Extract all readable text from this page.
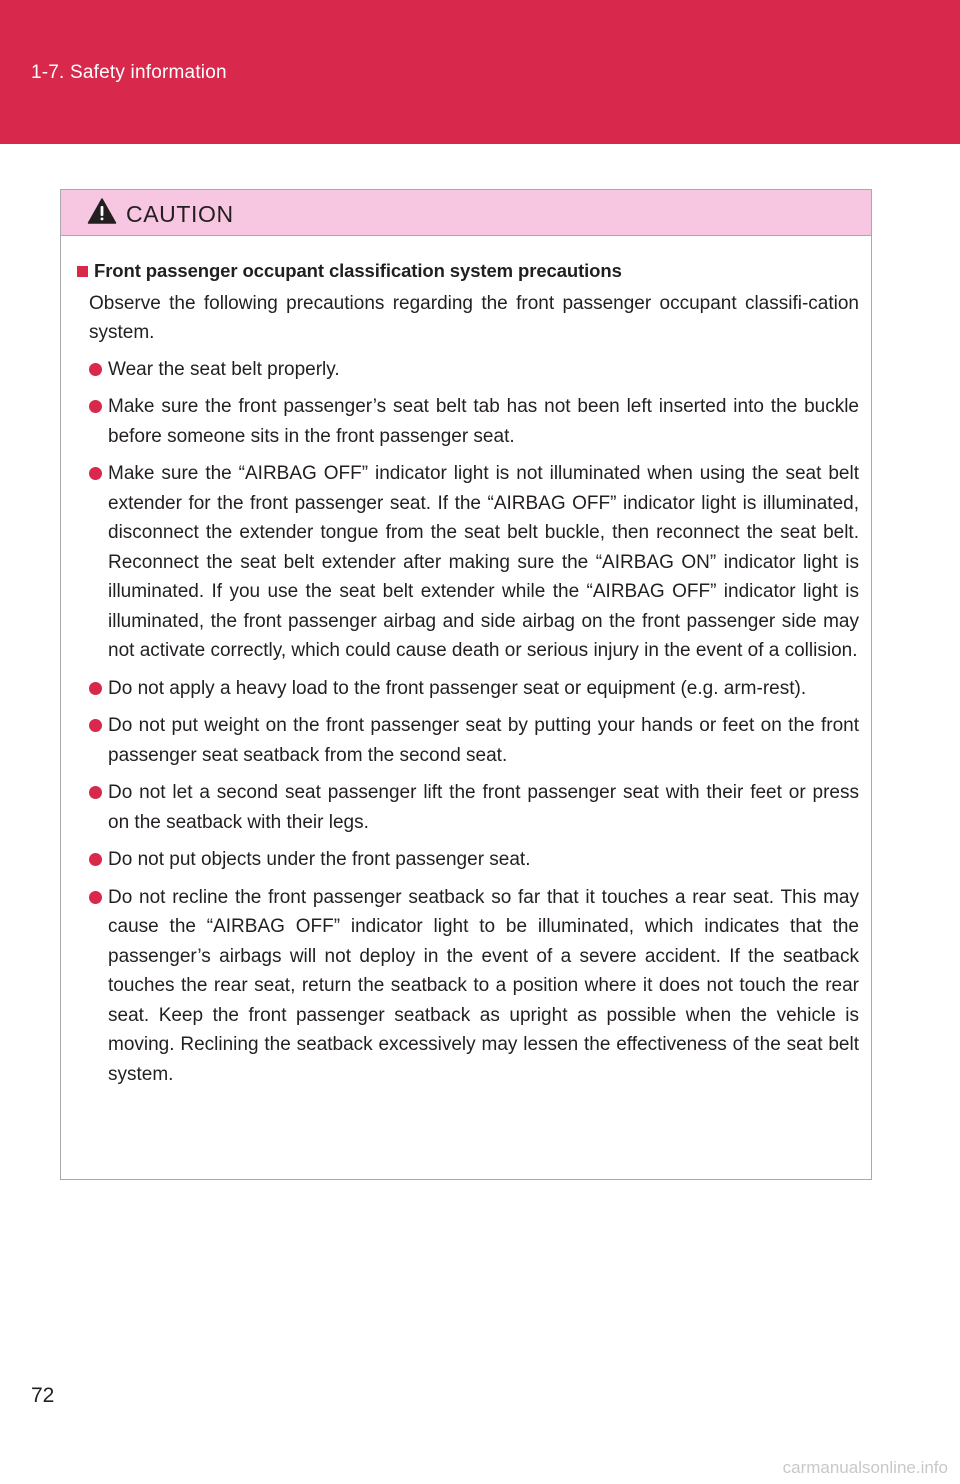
1-7. Safety information
CAUTION
Front passenger occupant classification system precautions

Observe the following precautions regarding the front passenger occupant classifi-cation system.

Wear the seat belt properly.
Make sure the front passenger’s seat belt tab has not been left inserted into the buckle before someone sits in the front passenger seat.
Make sure the “AIRBAG OFF” indicator light is not illuminated when using the seat belt extender for the front passenger seat. If the “AIRBAG OFF” indicator light is illuminated, disconnect the extender tongue from the seat belt buckle, then reconnect the seat belt. Reconnect the seat belt extender after making sure the “AIRBAG ON” indicator light is illuminated. If you use the seat belt extender while the “AIRBAG OFF” indicator light is illuminated, the front passenger airbag and side airbag on the front passenger side may not activate correctly, which could cause death or serious injury in the event of a collision.
Do not apply a heavy load to the front passenger seat or equipment (e.g. arm-rest).
Do not put weight on the front passenger seat by putting your hands or feet on the front passenger seat seatback from the second seat.
Do not let a second seat passenger lift the front passenger seat with their feet or press on the seatback with their legs.
Do not put objects under the front passenger seat.
Do not recline the front passenger seatback so far that it touches a rear seat. This may cause the “AIRBAG OFF” indicator light to be illuminated, which indicates that the passenger’s airbags will not deploy in the event of a severe accident. If the seatback touches the rear seat, return the seatback to a position where it does not touch the rear seat. Keep the front passenger seatback as upright as possible when the vehicle is moving. Reclining the seatback excessively may lessen the effectiveness of the seat belt system.
72
carmanualsonline.info
